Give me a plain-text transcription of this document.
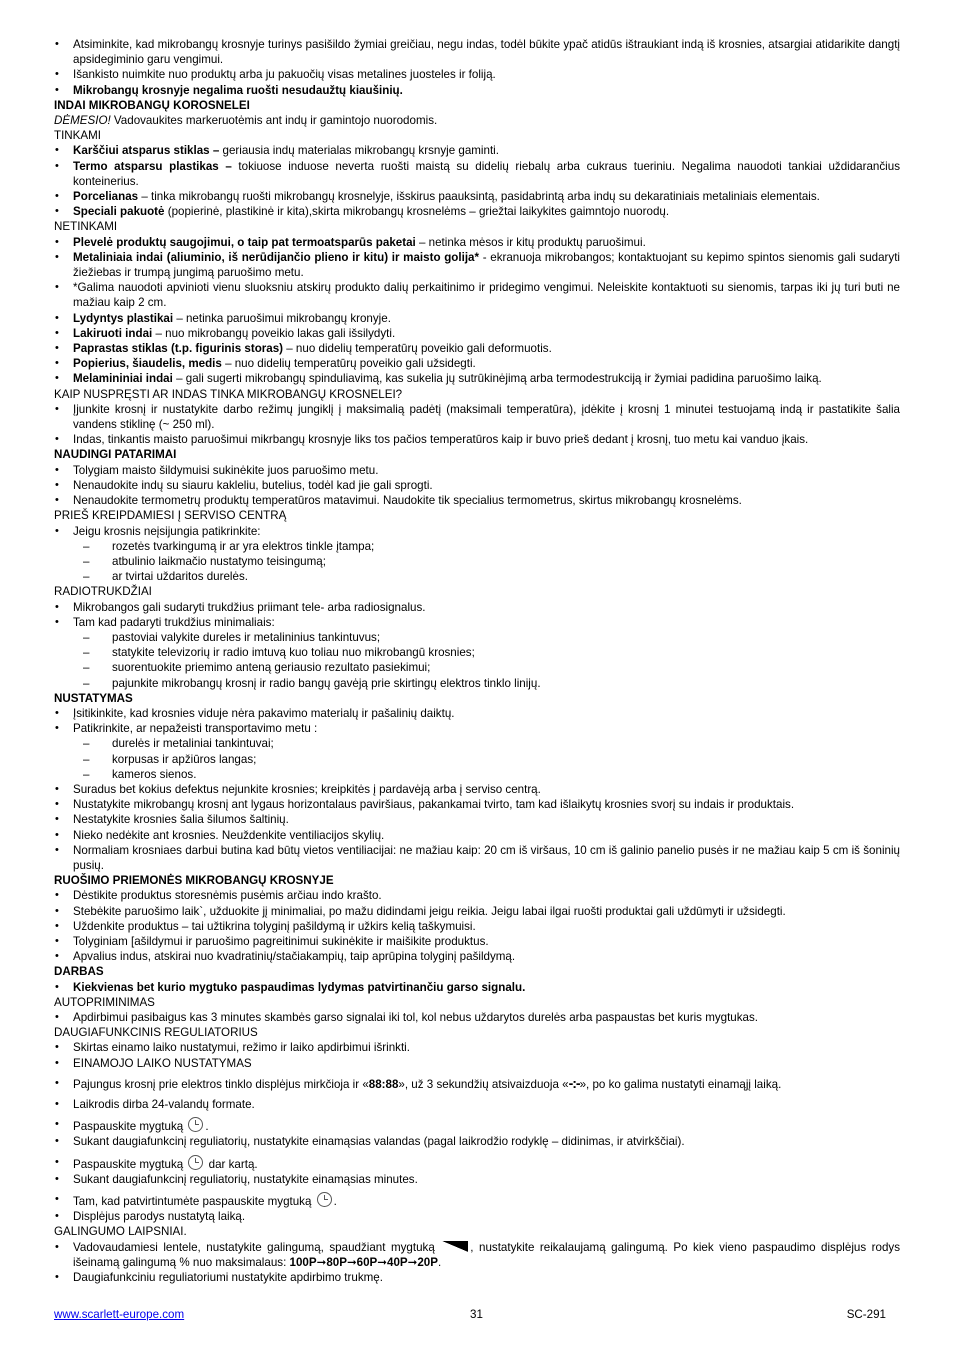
• Atsiminkite, kad mikrobangų krosnyje turinys pasišildo žymiai greičiau, negu indas, todėl būkite ypač atidūs ištraukiant indą iš krosnies, atsargiai atidarikite dangtį apsidegiminio garu vengimui.
• Išankisto nuimkite nuo produktų arba ju pakuočių visas metalines juosteles ir foliją.
• Mikrobangų krosnyje negalima ruošti nesudaužtų kiaušinių.
INDAI MIKROBANGŲ KOROSNELEI
DĖMESIO! Vadovaukites markeruotėmis ant indų ir gamintojo nuorodomis.
TINKAMI
• Karščiui atsparus stiklas – geriausia indų materialas mikrobangų krsnyje gaminti.
• Termo atsparsu plastikas – tokiuose induose neverta ruošti maistą su didelių riebalų arba cukraus tueriniu. Negalima nauodoti tankiai uždidarančius konteinerius.
• Porcelianas – tinka mikrobangų ruošti mikrobangų krosnelyje, išskirus paauksintą, pasidabrintą arba indų su dekaratiniais metaliniais elementais.
• Speciali pakuotė (popierinė, plastikinė ir kita),skirta mikrobangų krosnelėms – griežtai laikykites gaimntojo nuorodų.
NETINKAMI
• Plevelė produktų saugojimui, o taip pat termoatsparūs paketai – netinka mėsos ir kitų produktų paruošimui.
• Metaliniaia indai (aliuminio, iš nerūdijančio plieno ir kitu) ir maisto golija* - ekranuoja mikrobangos; kontaktuojant su kepimo spintos sienomis gali sudaryti žiežiebas ir trumpą jungimą paruošimo metu.
• *Galima nauodoti apvinioti vienu sluoksniu atskirų produkto dalių perkaitinimo ir pridegimo vengimui. Neleiskite kontaktuoti su sienomis, tarpas iki jų turi buti ne mažiau kaip 2 cm.
• Lydyntys plastikai – netinka paruošimui mikrobangų kronyje.
• Lakiruoti indai – nuo mikrobangų poveikio lakas gali išsilydyti.
• Paprastas stiklas (t.p. figurinis storas) – nuo didelių temperatūrų poveikio gali deformuotis.
• Popierius, šiaudelis, medis – nuo didelių temperatūrų poveikio gali užsidegti.
• Melamininiai indai – gali sugerti mikrobangų spinduliavimą, kas sukelia jų sutrūkinėjimą arba termodestrukciją ir žymiai padidina paruošimo laiką.
KAIP NUSPRĘSTI AR INDAS TINKA MIKROBANGŲ KROSNELEI?
• Įjunkite krosnį ir nustatykite darbo režimų jungiklį į maksimalią padėtį (maksimali temperatūra), įdėkite į krosnį 1 minutei testuojamą indą ir pastatikite šalia vandens stiklinę (~ 250 ml).
• Indas, tinkantis maisto paruošimui mikrbangų krosnyje liks tos pačios temperatūros kaip ir buvo prieš dedant į krosnį, tuo metu kai vanduo įkais.
NAUDINGI PATARIMAI
• Tolygiam maisto šildymuisi sukinėkite juos paruošimo metu.
• Nenaudokite indų su siauru kakleliu, butelius, todėl kad jie gali sprogti.
• Nenaudokite termometrų produktų temperatūros matavimui. Naudokite tik specialius termometrus, skirtus mikrobangų krosnelėms.
PRIEŠ KREIPDAMIESI Į SERVISO CENTRĄ
• Jeigu krosnis neįsijungia patikrinkite:
– rozetės tvarkingumą ir ar yra elektros tinkle įtampa;
– atbulinio laikmačio nustatymo teisingumą;
– ar tvirtai uždaritos durelės.
RADIOTRUKDŽIAI
• Mikrobangos gali sudaryti trukdžius priimant tele- arba radiosignalus.
• Tam kad padaryti trukdžius minimaliais:
– pastoviai valykite dureles ir metalininius tankintuvus;
– statykite televizorių ir radio imtuvą kuo toliau nuo mikrobangū krosnies;
– suorentuokite priemimo anteną geriausio rezultato pasiekimui;
– pajunkite mikrobangų krosnį ir radio bangų gavėją prie skirtingų elektros tinklo linijų.
NUSTATYMAS
• Įsitikinkite, kad krosnies viduje nėra pakavimo materialų ir pašalinių daiktų.
• Patikrinkite, ar nepažeisti transportavimo metu :
– durelės ir metaliniai tankintuvai;
– korpusas ir apžiūros langas;
– kameros sienos.
• Suradus bet kokius defektus nejunkite krosnies; kreipkitės į pardavėją arba į serviso centrą.
• Nustatykite mikrobangų krosnį ant lygaus horizontalaus paviršiaus, pakankamai tvirto, tam kad išlaikytų krosnies svorį su indais ir produktais.
• Nestatykite krosnies šalia šilumos šaltinių.
• Nieko nedėkite ant krosnies. Neuždenkite ventiliacijos skylių.
• Normaliam krosniaes darbui butina kad būtų vietos ventiliacijai: ne mažiau kaip: 20 cm iš viršaus, 10 cm iš galinio panelio pusės ir ne mažiau kaip 5 cm iš šoninių pusių.
RUOŠIMO PRIEMONĖS MIKROBANGŲ KROSNYJE
• Dėstikite produktus storesnėmis pusėmis arčiau indo krašto.
• Stebėkite paruošimo laik`, užduokite jį minimaliai, po mažu didindami jeigu reikia. Jeigu labai ilgai ruošti produktai gali uždūmyti ir užsidegti.
• Uždenkite produktus – tai užtikrina tolyginį pašildymą ir užkirs kelią taškymuisi.
• Tolyginiam [ašildymui ir paruošimo pagreitinimui sukinėkite ir maišikite produktus.
• Apvalius indus, atskirai nuo kvadratinių/stačiakampių, taip aprūpina tolyginį pašildymą.
DARBAS
• Kiekvienas bet kurio mygtuko paspaudimas lydymas patvirtinančiu garso signalu.
AUTOPRIMINIMAS
• Apdirbimui pasibaigus kas 3 minutes skambės garso signalai iki tol, kol nebus uždarytos durelės arba paspaustas bet kuris mygtukas.
DAUGIAFUNKCINIS REGULIATORIUS
• Skirtas einamo laiko nustatymui, režimo ir laiko apdirbimui išrinkti.
• EINAMOJO LAIKO NUSTATYMAS
• Pajungus krosnį prie elektros tinklo displėjus mirkčioja ir «88:88», už 3 sekundžių atsivaizduoja «-:-», po ko galima nustatyti einamąjį laiką.
• Laikrodis dirba 24-valandų formate.
• Paspauskite mygtuką .
• Sukant daugiafunkcinį reguliatorių, nustatykite einamąsias valandas (pagal laikrodžio rodyklę – didinimas, ir atvirkščiai).
• Paspauskite mygtuką  dar kartą.
• Sukant daugiafunkcinį reguliatorių, nustatykite einamąsias minutes.
• Tam, kad patvirtintumėte paspauskite mygtuką .
• Displėjus parodys nustatytą laiką.
GALINGUMO LAIPSNIAI.
• Vadovaudamiesi lentele, nustatykite galingumą, spaudžiant mygtuką	, nustatykite reikalaujamą galingumą. Po kiek vieno paspaudimo displėjus rodys išeinamą galingumą % nuo maksimalaus: 100P➞80P➞60P➞40P➞20P.
• Daugiafunkciniu reguliatoriumi nustatykite apdirbimo trukmę.
www.scarlett-europe.com	31	SC-291
